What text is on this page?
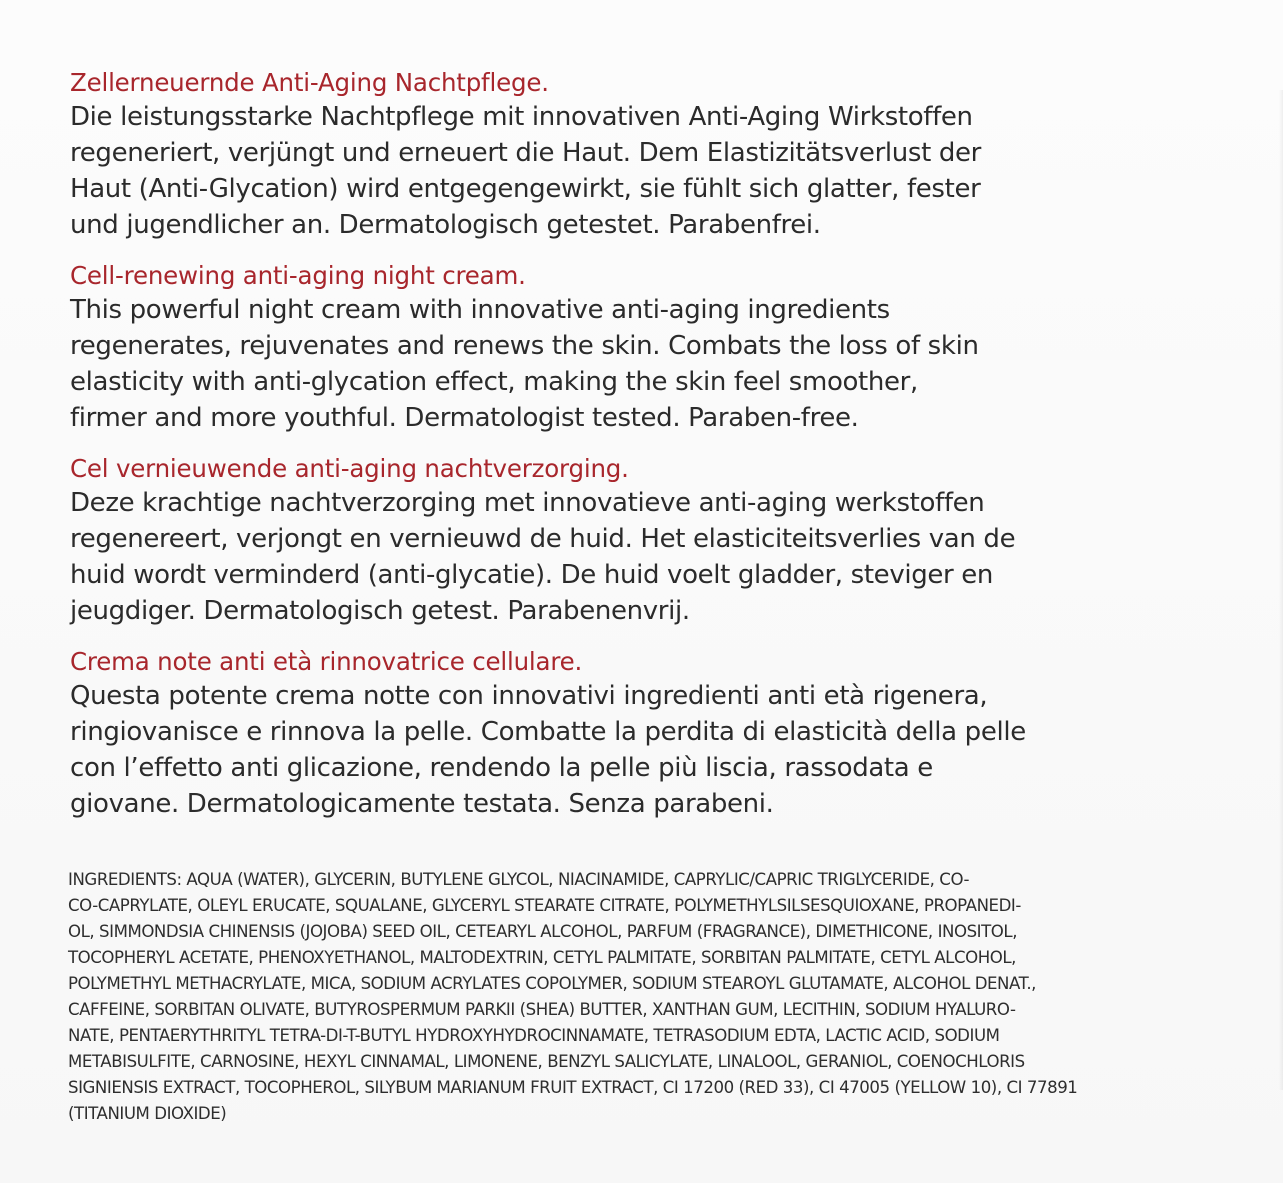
Zellerneuernde Anti-Aging Nachtpflege.
Die leistungsstarke Nachtpflege mit innovativen Anti-Aging Wirkstoffen
regeneriert, verjüngt und erneuert die Haut. Dem Elastizitätsverlust der
Haut (Anti-Glycation) wird entgegengewirkt, sie fühlt sich glatter, fester
und jugendlicher an. Dermatologisch getestet. Parabenfrei.
Cell-renewing anti-aging night cream.
This powerful night cream with innovative anti-aging ingredients
regenerates, rejuvenates and renews the skin. Combats the loss of skin
elasticity with anti-glycation effect, making the skin feel smoother,
firmer and more youthful. Dermatologist tested. Paraben-free.
Cel vernieuwende anti-aging nachtverzorging.
Deze krachtige nachtverzorging met innovatieve anti-aging werkstoffen
regenereert, verjongt en vernieuwd de huid. Het elasticiteitsverlies van de
huid wordt verminderd (anti-glycatie). De huid voelt gladder, steviger en
jeugdiger. Dermatologisch getest. Parabenenvrij.
Crema note anti età rinnovatrice cellulare.
Questa potente crema notte con innovativi ingredienti anti età rigenera,
ringiovanisce e rinnova la pelle. Combatte la perdita di elasticità della pelle
con l’effetto anti glicazione, rendendo la pelle più liscia, rassodata e
giovane. Dermatologicamente testata. Senza parabeni.
INGREDIENTS: AQUA (WATER), GLYCERIN, BUTYLENE GLYCOL, NIACINAMIDE, CAPRYLIC/CAPRIC TRIGLYCERIDE, CO-
CO-CAPRYLATE, OLEYL ERUCATE, SQUALANE, GLYCERYL STEARATE CITRATE, POLYMETHYLSILSESQUIOXANE, PROPANEDI-
OL, SIMMONDSIA CHINENSIS (JOJOBA) SEED OIL, CETEARYL ALCOHOL, PARFUM (FRAGRANCE), DIMETHICONE, INOSITOL,
TOCOPHERYL ACETATE, PHENOXYETHANOL, MALTODEXTRIN, CETYL PALMITATE, SORBITAN PALMITATE, CETYL ALCOHOL,
POLYMETHYL METHACRYLATE, MICA, SODIUM ACRYLATES COPOLYMER, SODIUM STEAROYL GLUTAMATE, ALCOHOL DENAT.,
CAFFEINE, SORBITAN OLIVATE, BUTYROSPERMUM PARKII (SHEA) BUTTER, XANTHAN GUM, LECITHIN, SODIUM HYALURO-
NATE, PENTAERYTHRITYL TETRA-DI-T-BUTYL HYDROXYHYDROCINNAMATE, TETRASODIUM EDTA, LACTIC ACID, SODIUM
METABISULFITE, CARNOSINE, HEXYL CINNAMAL, LIMONENE, BENZYL SALICYLATE, LINALOOL, GERANIOL, COENOCHLORIS
SIGNIENSIS EXTRACT, TOCOPHEROL, SILYBUM MARIANUM FRUIT EXTRACT, CI 17200 (RED 33), CI 47005 (YELLOW 10), CI 77891
(TITANIUM DIOXIDE)
